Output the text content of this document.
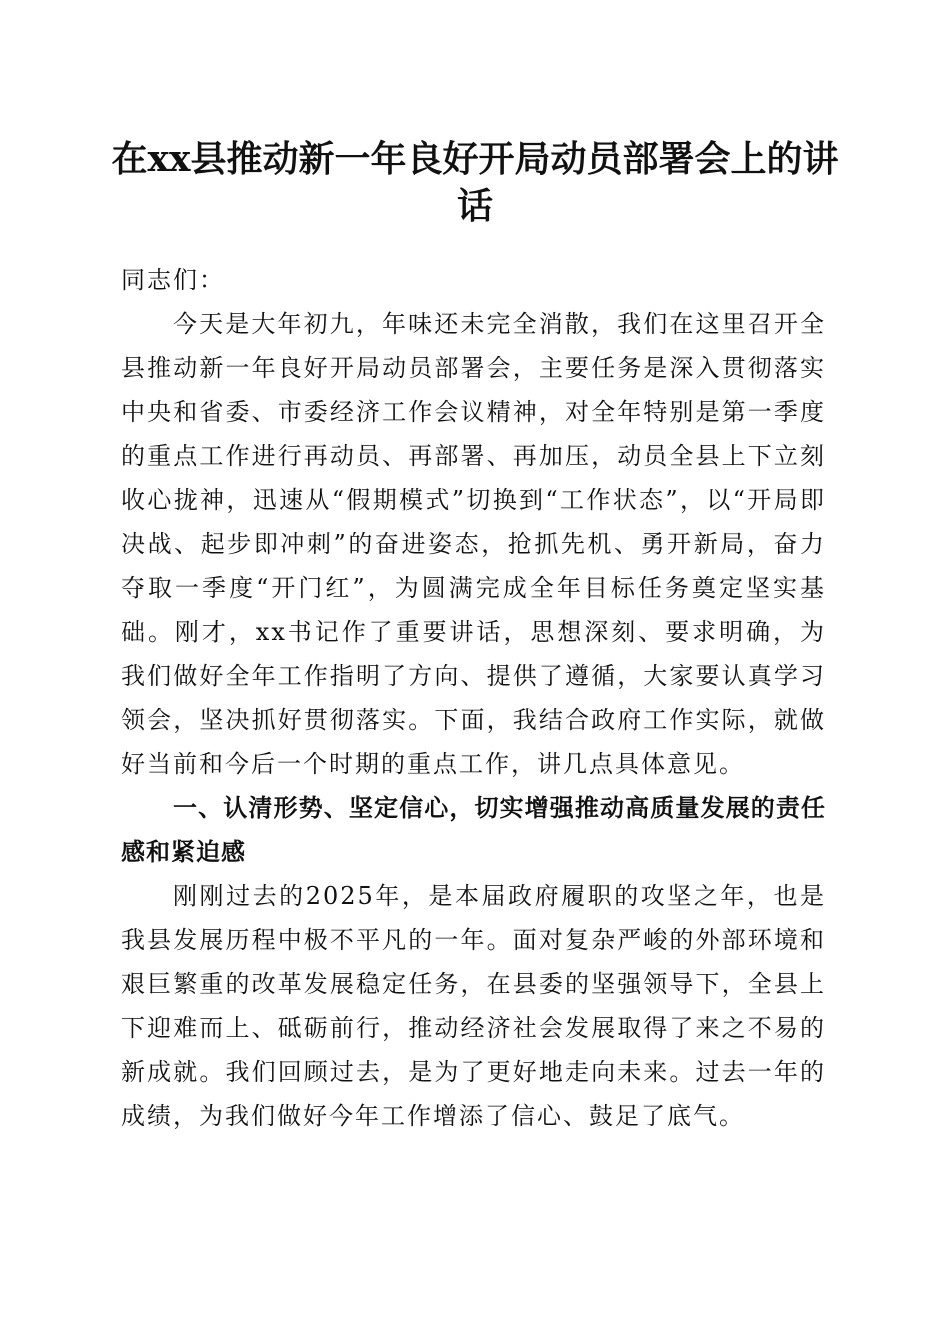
在xx县推动新一年良好开局动员部署会上的讲话

同志们：

今天是大年初九，年味还未完全消散，我们在这里召开全县推动新一年良好开局动员部署会，主要任务是深入贯彻落实中央和省委、市委经济工作会议精神，对全年特别是第一季度的重点工作进行再动员、再部署、再加压，动员全县上下立刻收心拢神，迅速从“假期模式”切换到“工作状态”，以“开局即决战、起步即冲刺”的奋进姿态，抢抓先机、勇开新局，奋力夺取一季度“开门红”，为圆满完成全年目标任务奠定坚实基础。刚才，xx书记作了重要讲话，思想深刻、要求明确，为我们做好全年工作指明了方向、提供了遵循，大家要认真学习领会，坚决抓好贯彻落实。下面，我结合政府工作实际，就做好当前和今后一个时期的重点工作，讲几点具体意见。

一、认清形势、坚定信心，切实增强推动高质量发展的责任感和紧迫感

刚刚过去的2025年，是本届政府履职的攻坚之年，也是我县发展历程中极不平凡的一年。面对复杂严峻的外部环境和艰巨繁重的改革发展稳定任务，在县委的坚强领导下，全县上下迎难而上、砥砺前行，推动经济社会发展取得了来之不易的新成就。我们回顾过去，是为了更好地走向未来。过去一年的成绩，为我们做好今年工作增添了信心、鼓足了底气。
